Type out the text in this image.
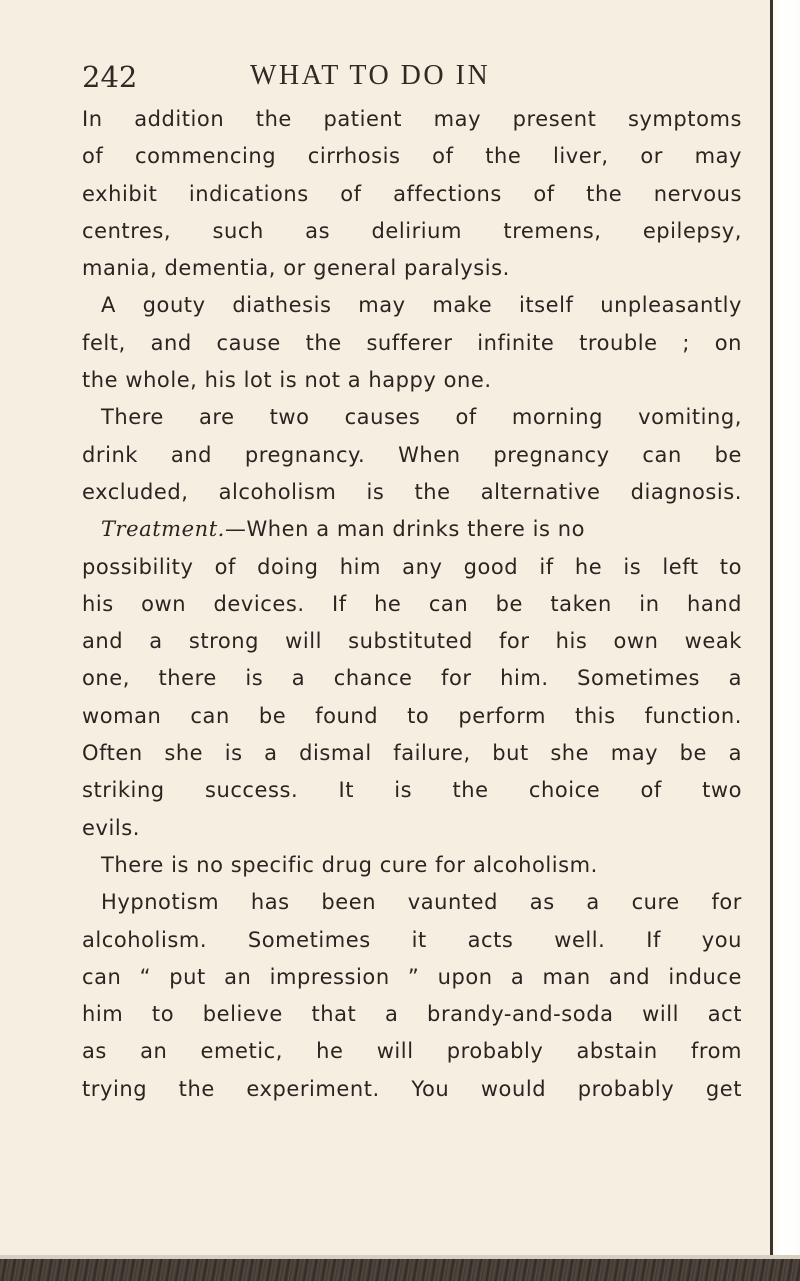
242	WHAT TO DO IN
In addition the patient may present symptoms
of commencing cirrhosis of the liver, or may
exhibit indications of affections of the nervous
centres, such as delirium tremens, epilepsy,
mania, dementia, or general paralysis.
A gouty diathesis may make itself unpleasantly
felt, and cause the sufferer infinite trouble ; on
the whole, his lot is not a happy one.
There are two causes of morning vomiting,
drink and pregnancy. When pregnancy can be
excluded, alcoholism is the alternative diagnosis.
Treatment.—When a man drinks there is no
possibility of doing him any good if he is left to
his own devices. If he can be taken in hand
and a strong will substituted for his own weak
one, there is a chance for him. Sometimes a
woman can be found to perform this function.
Often she is a dismal failure, but she may be a
striking success. It is the choice of two
evils.
There is no specific drug cure for alcoholism.
Hypnotism has been vaunted as a cure for
alcoholism. Sometimes it acts well. If you
can “ put an impression ” upon a man and induce
him to believe that a brandy-and-soda will act
as an emetic, he will probably abstain from
trying the experiment. You would probably get
